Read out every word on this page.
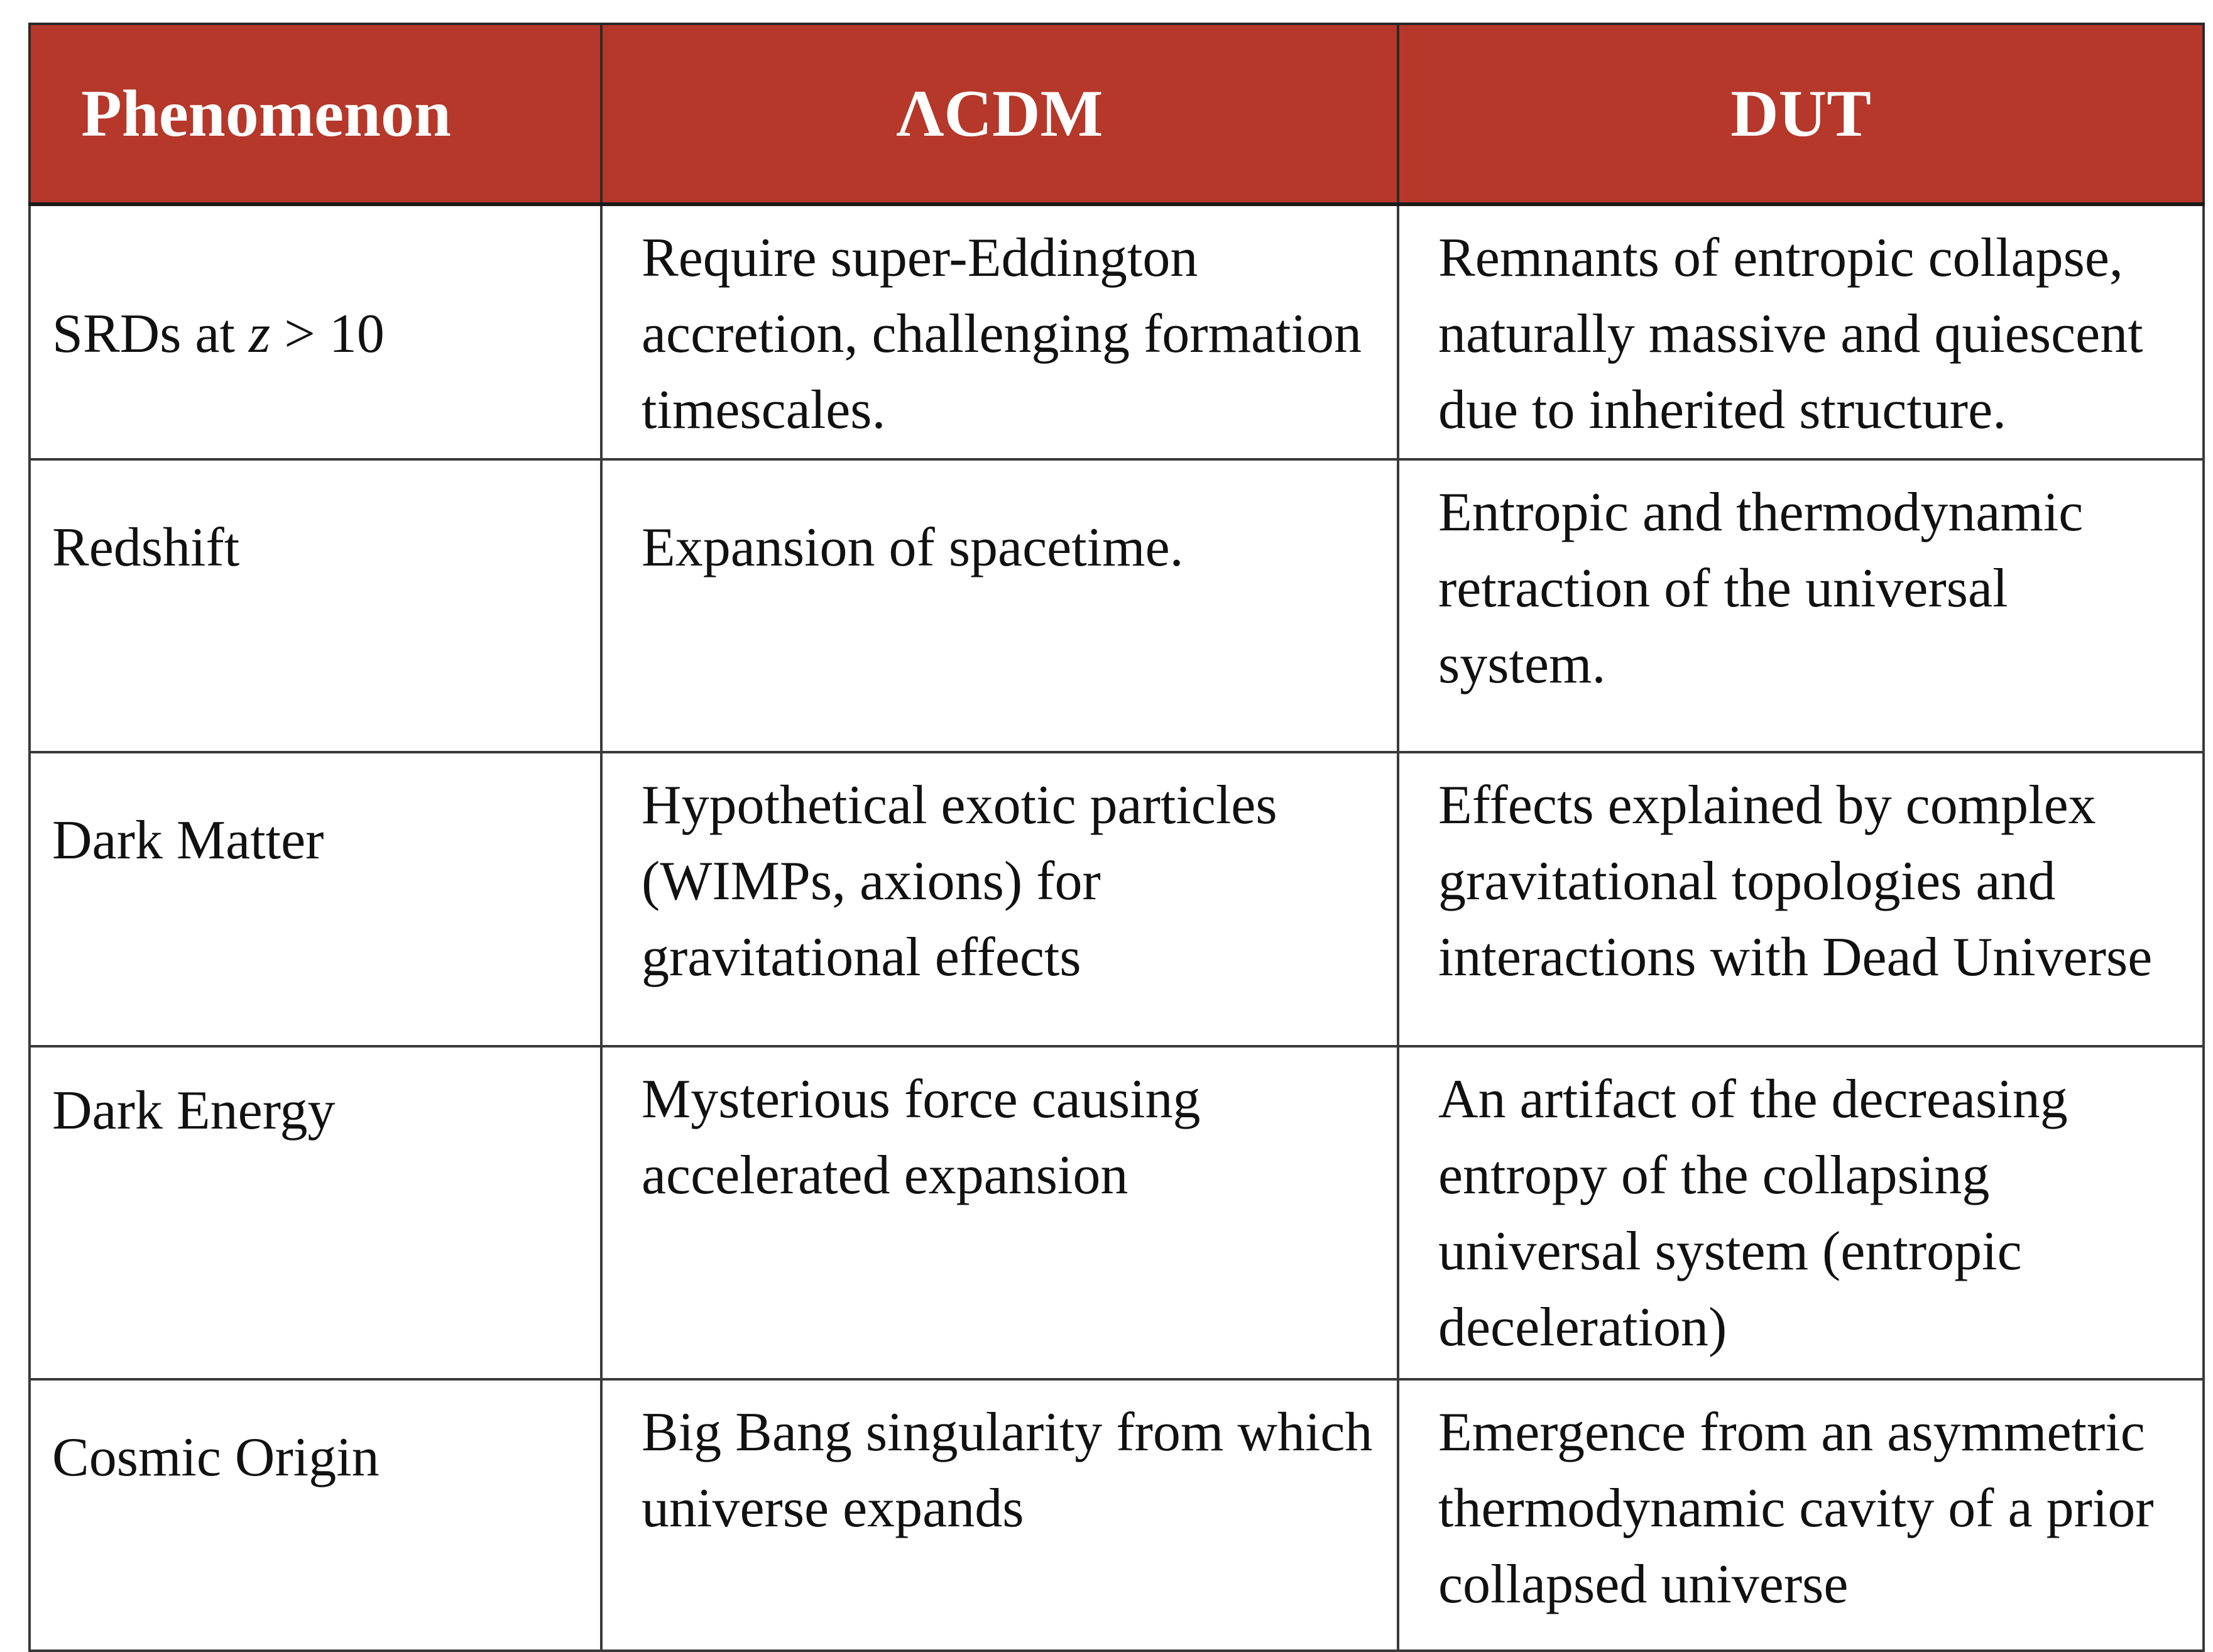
Phenomenon	ΛCDM	DUT
SRDs at z > 10	Require super-Eddington accretion, challenging formation timescales.	Remnants of entropic collapse, naturally massive and quiescent due to inherited structure.
Redshift	Expansion of spacetime.	Entropic and thermodynamic retraction of the universal system.
Dark Matter	Hypothetical exotic particles (WIMPs, axions) for gravitational effects	Effects explained by complex gravitational topologies and interactions with Dead Universe
Dark Energy	Mysterious force causing accelerated expansion	An artifact of the decreasing entropy of the collapsing universal system (entropic deceleration)
Cosmic Origin	Big Bang singularity from which universe expands	Emergence from an asymmetric thermodynamic cavity of a prior collapsed universe
